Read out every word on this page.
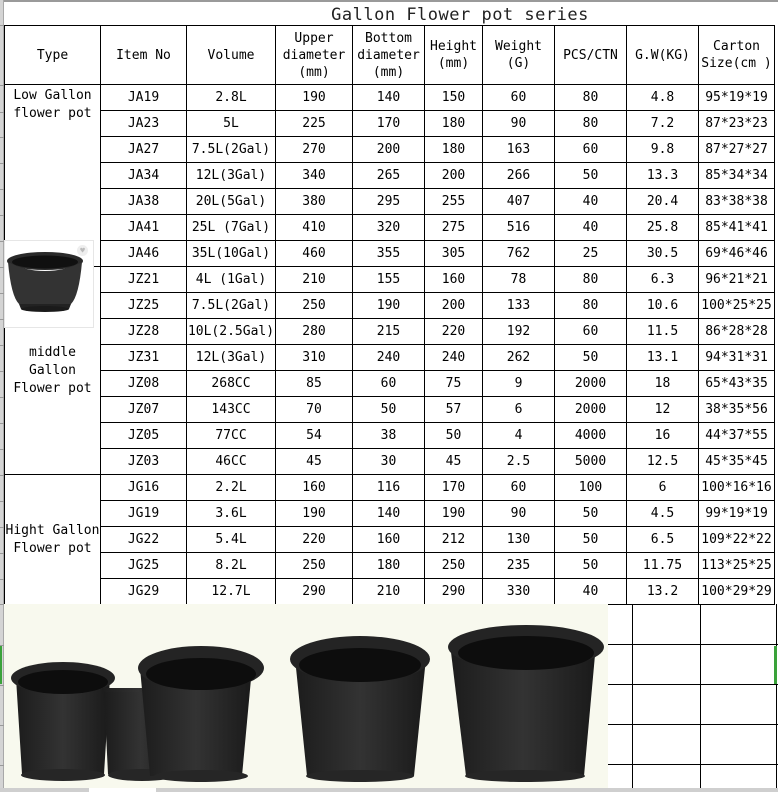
Gallon Flower pot series
Type	Item No	Volume	Upper diameter (mm)	Bottom diameter (mm)	Height (mm)	Weight (G)	PCS/CTN	G.W(KG)	Carton Size(cm )
Low Gallon flower pot	JA19	2.8L	190	140	150	60	80	4.8	95*19*19
	JA23	5L	225	170	180	90	80	7.2	87*23*23
	JA27	7.5L(2Gal)	270	200	180	163	60	9.8	87*27*27
	JA34	12L(3Gal)	340	265	200	266	50	13.3	85*34*34
	JA38	20L(5Gal)	380	295	255	407	40	20.4	83*38*38
	JA41	25L (7Gal)	410	320	275	516	40	25.8	85*41*41
	JA46	35L(10Gal)	460	355	305	762	25	30.5	69*46*46
middle Gallon Flower pot	JZ21	4L (1Gal)	210	155	160	78	80	6.3	96*21*21
	JZ25	7.5L(2Gal)	250	190	200	133	80	10.6	100*25*25
	JZ28	10L(2.5Gal)	280	215	220	192	60	11.5	86*28*28
	JZ31	12L(3Gal)	310	240	240	262	50	13.1	94*31*31
	JZ08	268CC	85	60	75	9	2000	18	65*43*35
	JZ07	143CC	70	50	57	6	2000	12	38*35*56
	JZ05	77CC	54	38	50	4	4000	16	44*37*55
	JZ03	46CC	45	30	45	2.5	5000	12.5	45*35*45
Hight Gallon Flower pot	JG16	2.2L	160	116	170	60	100	6	100*16*16
	JG19	3.6L	190	140	190	90	50	4.5	99*19*19
	JG22	5.4L	220	160	212	130	50	6.5	109*22*22
	JG25	8.2L	250	180	250	235	50	11.75	113*25*25
	JG29	12.7L	290	210	290	330	40	13.2	100*29*29
♥
